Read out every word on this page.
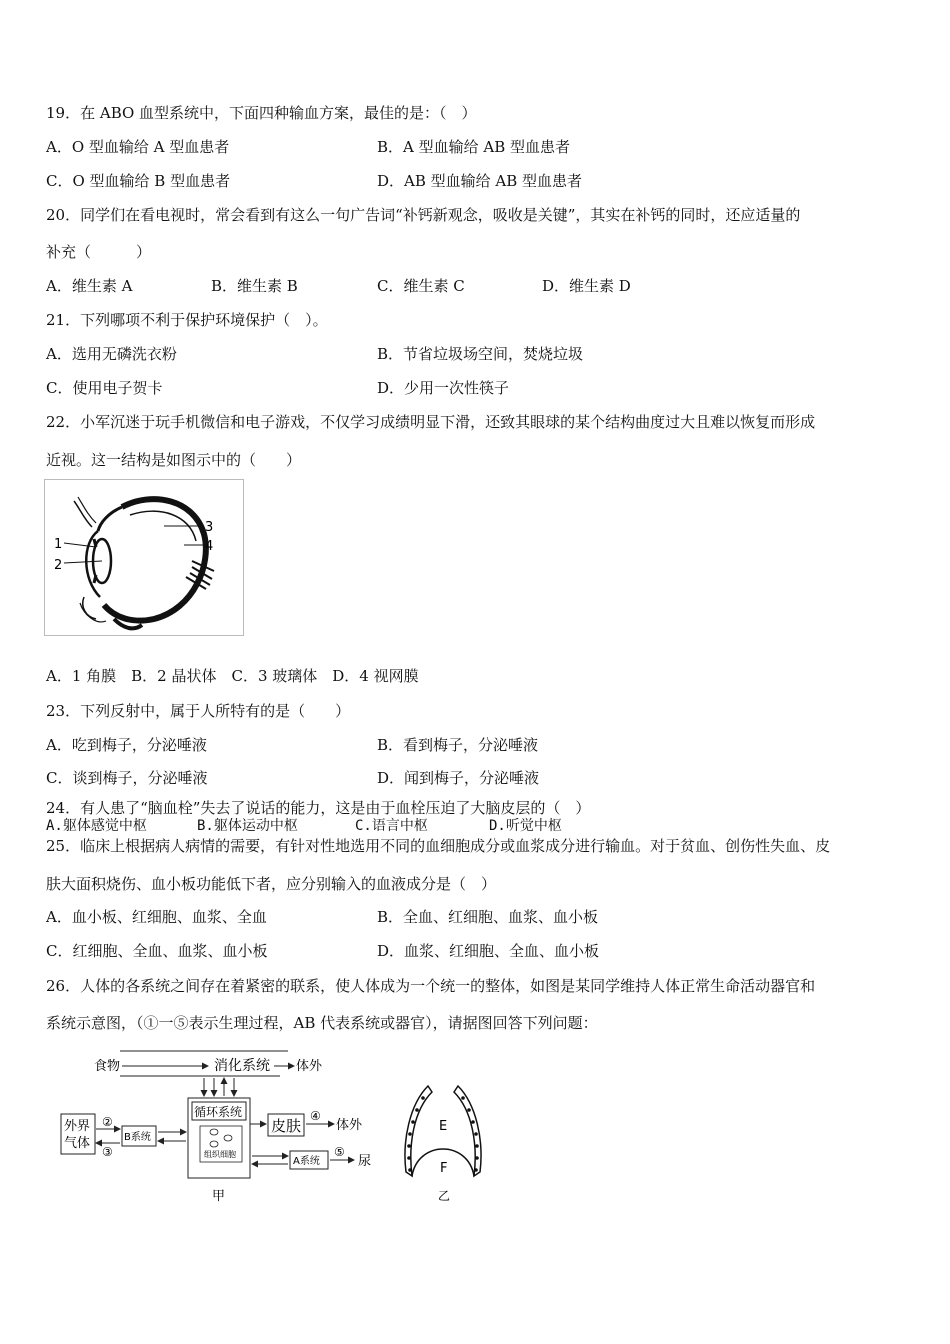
19．在 ABO 血型系统中，下面四种输血方案，最佳的是：（　）
A．O 型血输给 A 型血患者	B．A 型血输给 AB 型血患者
C．O 型血输给 B 型血患者	D．AB 型血输给 AB 型血患者
20．同学们在看电视时，常会看到有这么一句广告词“补钙新观念，吸收是关键”，其实在补钙的同时，还应适量的
补充（　　　）
A．维生素 A	B．维生素 B	C．维生素 C	D．维生素 D
21．下列哪项不利于保护环境保护（　）。
A．选用无磷洗衣粉	B．节省垃圾场空间，焚烧垃圾
C．使用电子贺卡	D．少用一次性筷子
22．小军沉迷于玩手机微信和电子游戏，不仅学习成绩明显下滑，还致其眼球的某个结构曲度过大且难以恢复而形成
近视。这一结构是如图示中的（　　）
1
2
3
4
A．1 角膜　B．2 晶状体　C．3 玻璃体　D．4 视网膜
23．下列反射中，属于人所特有的是（　　）
A．吃到梅子，分泌唾液	B．看到梅子，分泌唾液
C．谈到梅子，分泌唾液	D．闻到梅子，分泌唾液
24．有人患了“脑血栓”失去了说话的能力，这是由于血栓压迫了大脑皮层的（　）
A.躯体感觉中枢	B.躯体运动中枢	C.语言中枢	D.听觉中枢
25．临床上根据病人病情的需要，有针对性地选用不同的血细胞成分或血浆成分进行输血。对于贫血、创伤性失血、皮
肤大面积烧伤、血小板功能低下者，应分别输入的血液成分是（　）
A．血小板、红细胞、血浆、全血	B．全血、红细胞、血浆、血小板
C．红细胞、全血、血浆、血小板	D．血浆、红细胞、全血、血小板
26．人体的各系统之间存在着紧密的联系，使人体成为一个统一的整体，如图是某同学维持人体正常生命活动器官和
系统示意图，（①一⑤表示生理过程，AB 代表系统或器官），请据图回答下列问题：
食物	消化系统 体外
外界
气体
②
③
B系统
循环系统
组织细胞
皮肤
④
体外
A系统
⑤
尿
甲
E
F
乙
